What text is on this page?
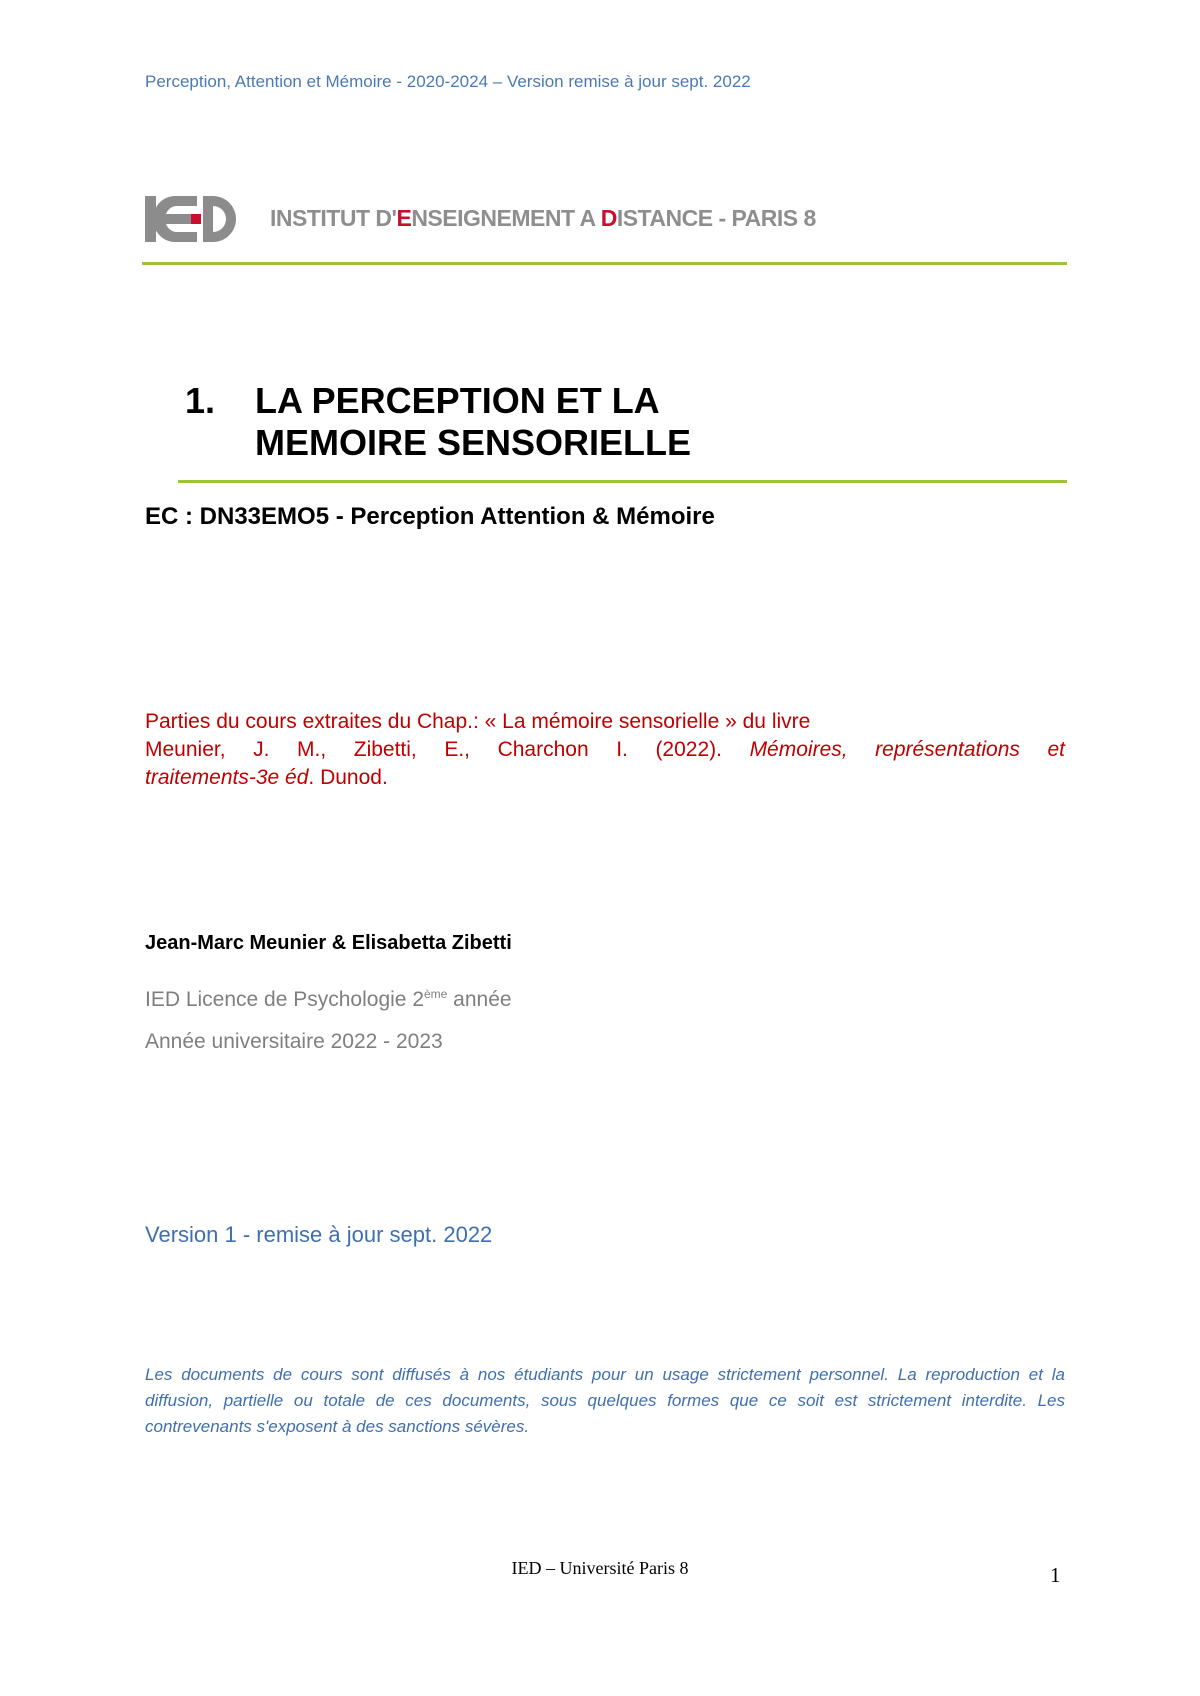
Perception, Attention et Mémoire - 2020-2024 – Version remise à jour sept. 2022
INSTITUT D'ENSEIGNEMENT A DISTANCE - PARIS 8
1. LA PERCEPTION ET LA
MEMOIRE SENSORIELLE
EC : DN33EMO5 - Perception Attention & Mémoire
Parties du cours extraites du Chap.: « La mémoire sensorielle » du livre
Meunier, J. M., Zibetti, E., Charchon I. (2022). Mémoires, représentations et
traitements-3e éd. Dunod.
Jean-Marc Meunier & Elisabetta Zibetti
IED Licence de Psychologie 2ème année
Année universitaire 2022 - 2023
Version 1 - remise à jour sept. 2022
Les documents de cours sont diffusés à nos étudiants pour un usage strictement personnel. La reproduction et la diffusion, partielle ou totale de ces documents, sous quelques formes que ce soit est strictement interdite. Les contrevenants s'exposent à des sanctions sévères.
IED – Université Paris 8	1
